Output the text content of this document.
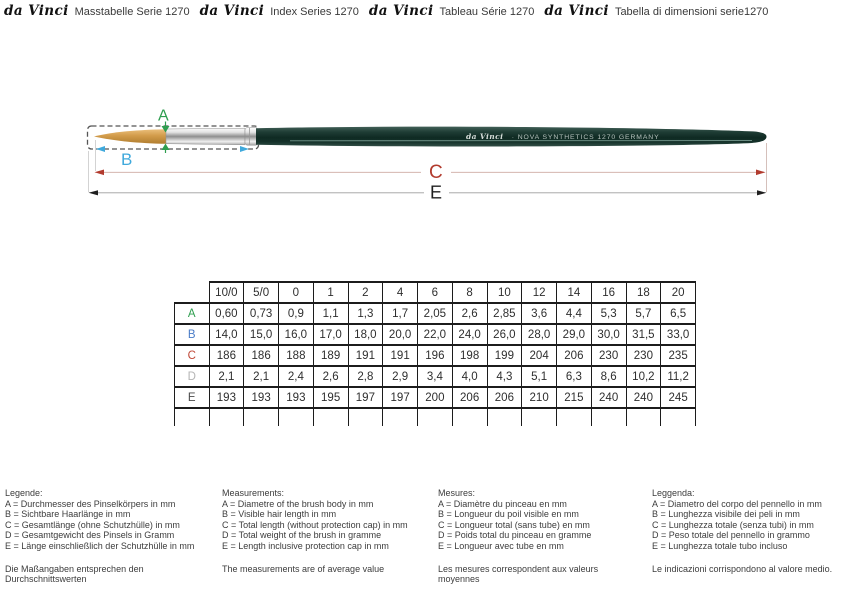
da Vinci Masstabelle Serie 1270 da Vinci Index Series 1270 da Vinci Tableau Série 1270 da Vinci Tabella di dimensioni serie1270
da Vinci · NOVA SYNTHETICS 1270 GERMANY
A
B
C
E
	10/0	5/0	0	1	2	4	6	8	10	12	14	16	18	20
A	0,60	0,73	0,9	1,1	1,3	1,7	2,05	2,6	2,85	3,6	4,4	5,3	5,7	6,5
B	14,0	15,0	16,0	17,0	18,0	20,0	22,0	24,0	26,0	28,0	29,0	30,0	31,5	33,0
C	186	186	188	189	191	191	196	198	199	204	206	230	230	235
D	2,1	2,1	2,4	2,6	2,8	2,9	3,4	4,0	4,3	5,1	6,3	8,6	10,2	11,2
E	193	193	193	195	197	197	200	206	206	210	215	240	240	245

Legende:
A = Durchmesser des Pinselkörpers in mm
B = Sichtbare Haarlänge in mm
C = Gesamtlänge (ohne Schutzhülle) in mm
D = Gesamtgewicht des Pinsels in Gramm
E = Länge einschließlich der Schutzhülle in mm
Die Maßangaben entsprechen den
Durchschnittswerten
Measurements:
A = Diametre of the brush body in mm
B = Visible hair length in mm
C = Total length (without protection cap) in mm
D = Total weight of the brush in gramme
E = Length inclusive protection cap in mm
The measurements are of average value
Mesures:
A = Diamètre du pinceau en mm
B = Longueur du poil visible en mm
C = Longueur total (sans tube) en mm
D = Poids total du pinceau en gramme
E = Longueur avec tube en mm
Les mesures correspondent aux valeurs
moyennes
Leggenda:
A = Diametro del corpo del pennello in mm
B = Lunghezza visibile dei peli in mm
C = Lunghezza totale (senza tubi) in mm
D = Peso totale del pennello in grammo
E = Lunghezza totale tubo incluso
Le indicazioni corrispondono al valore medio.
